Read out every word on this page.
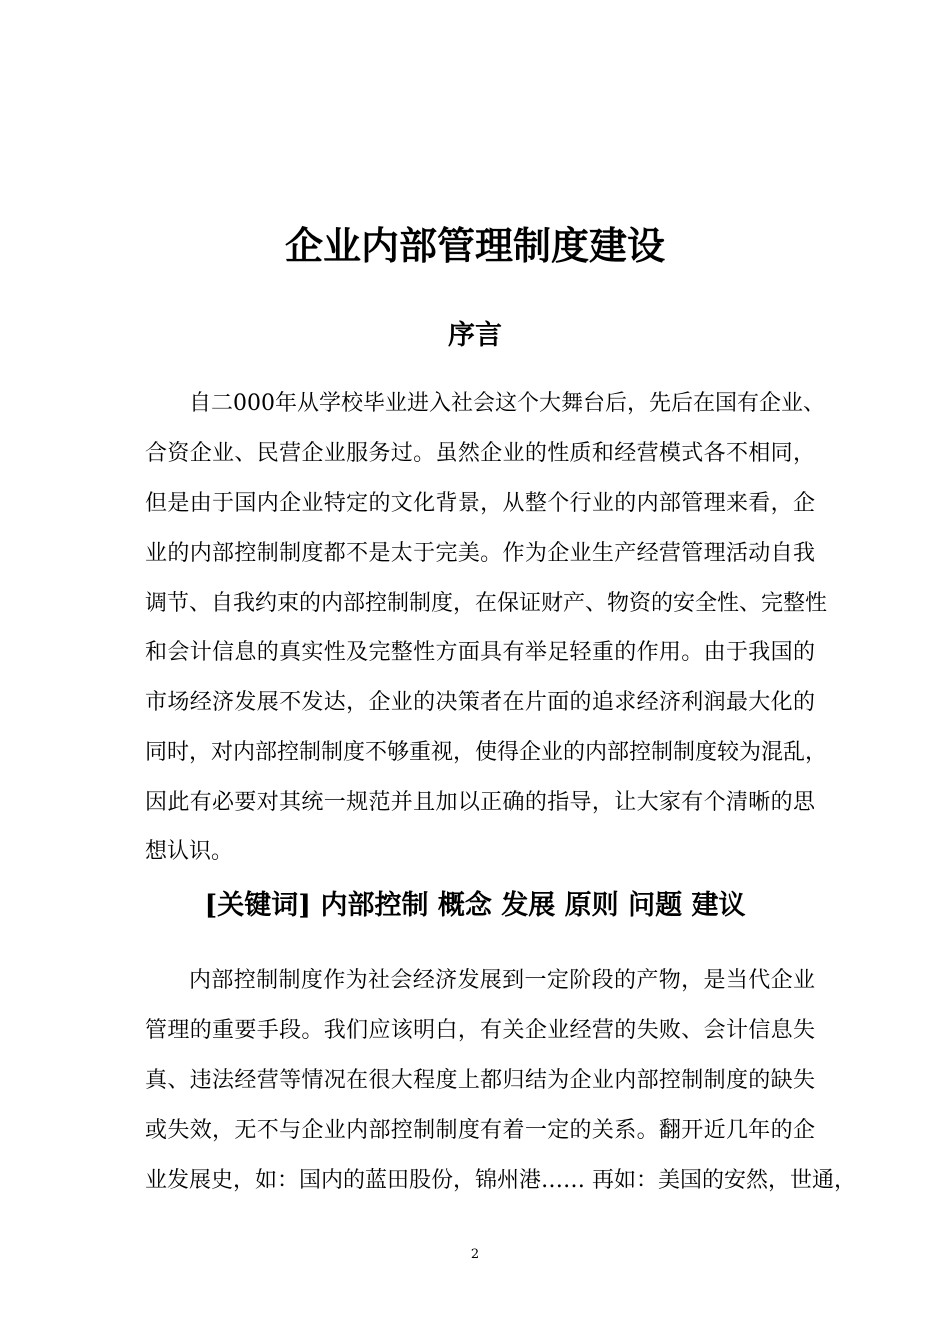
企业内部管理制度建设
序言
自二000年从学校毕业进入社会这个大舞台后，先后在国有企业、
合资企业、民营企业服务过。虽然企业的性质和经营模式各不相同，
但是由于国内企业特定的文化背景，从整个行业的内部管理来看，企
业的内部控制制度都不是太于完美。作为企业生产经营管理活动自我
调节、自我约束的内部控制制度，在保证财产、物资的安全性、完整性
和会计信息的真实性及完整性方面具有举足轻重的作用。由于我国的
市场经济发展不发达，企业的决策者在片面的追求经济利润最大化的
同时，对内部控制制度不够重视，使得企业的内部控制制度较为混乱，
因此有必要对其统一规范并且加以正确的指导，让大家有个清晰的思
想认识。
[关键词] 内部控制 概念 发展 原则 问题 建议
内部控制制度作为社会经济发展到一定阶段的产物，是当代企业
管理的重要手段。我们应该明白，有关企业经营的失败、会计信息失
真、违法经营等情况在很大程度上都归结为企业内部控制制度的缺失
或失效，无不与企业内部控制制度有着一定的关系。翻开近几年的企
业发展史，如：国内的蓝田股份，锦州港…… 再如：美国的安然，世通，
2
